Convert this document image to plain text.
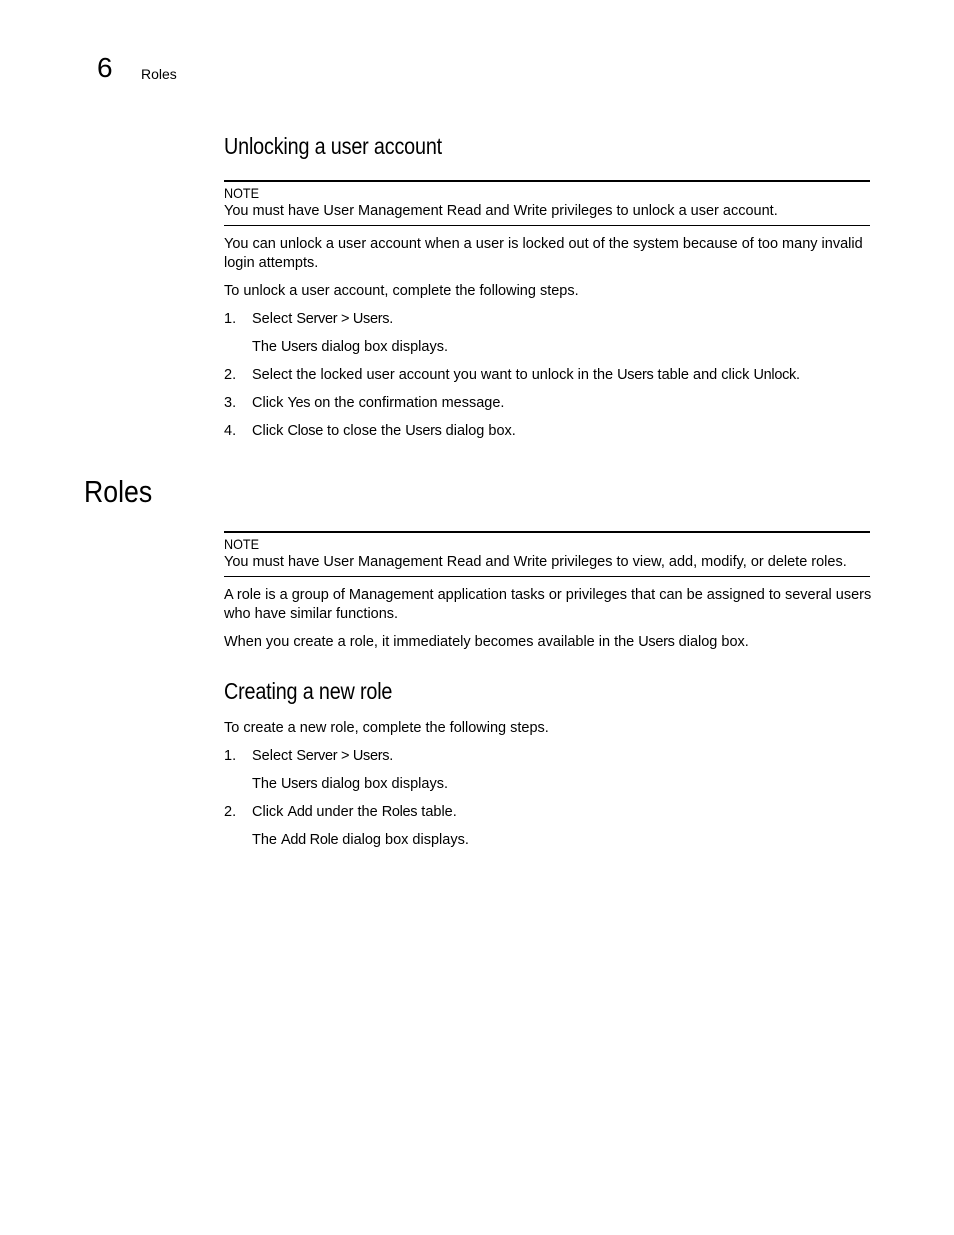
6 Roles
Unlocking a user account
NOTE
You must have User Management Read and Write privileges to unlock a user account.

You can unlock a user account when a user is locked out of the system because of too many invalid login attempts.

To unlock a user account, complete the following steps.

1. Select Server > Users.
The Users dialog box displays.
2. Select the locked user account you want to unlock in the Users table and click Unlock.
3. Click Yes on the confirmation message.
4. Click Close to close the Users dialog box.
Roles
NOTE
You must have User Management Read and Write privileges to view, add, modify, or delete roles.

A role is a group of Management application tasks or privileges that can be assigned to several users who have similar functions.

When you create a role, it immediately becomes available in the Users dialog box.

Creating a new role

To create a new role, complete the following steps.

1. Select Server > Users.
The Users dialog box displays.
2. Click Add under the Roles table.
The Add Role dialog box displays.
